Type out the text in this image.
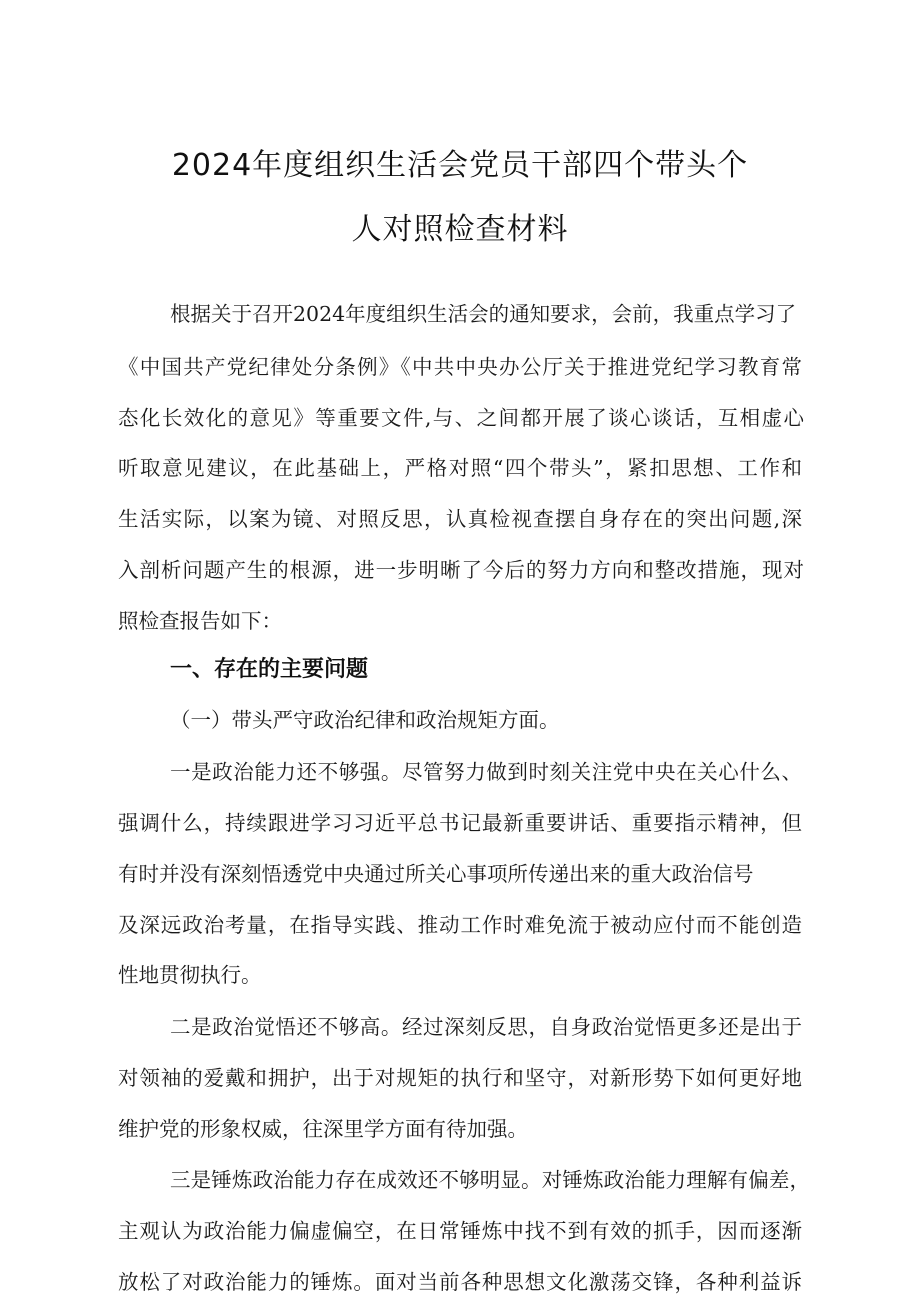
2024年度组织生活会党员干部四个带头个
人对照检查材料

根据关于召开2024年度组织生活会的通知要求，会前，我重点学习了

《中国共产党纪律处分条例》《中共中央办公厅关于推进党纪学习教育常

态化长效化的意见》等重要文件,与、之间都开展了谈心谈话，互相虚心

听取意见建议，在此基础上，严格对照“四个带头”，紧扣思想、工作和

生活实际，以案为镜、对照反思，认真检视查摆自身存在的突出问题,深

入剖析问题产生的根源，进一步明晰了今后的努力方向和整改措施，现对

照检查报告如下：

一、存在的主要问题

（一）带头严守政治纪律和政治规矩方面。

一是政治能力还不够强。尽管努力做到时刻关注党中央在关心什么、

强调什么，持续跟进学习习近平总书记最新重要讲话、重要指示精神，但

有时并没有深刻悟透党中央通过所关心事项所传递出来的重大政治信号

及深远政治考量，在指导实践、推动工作时难免流于被动应付而不能创造

性地贯彻执行。

二是政治觉悟还不够高。经过深刻反思，自身政治觉悟更多还是出于

对领袖的爱戴和拥护，出于对规矩的执行和坚守，对新形势下如何更好地

维护党的形象权威，往深里学方面有待加强。

三是锤炼政治能力存在成效还不够明显。对锤炼政治能力理解有偏差，

主观认为政治能力偏虚偏空，在日常锤炼中找不到有效的抓手，因而逐渐

放松了对政治能力的锤炼。面对当前各种思想文化激荡交锋，各种利益诉
